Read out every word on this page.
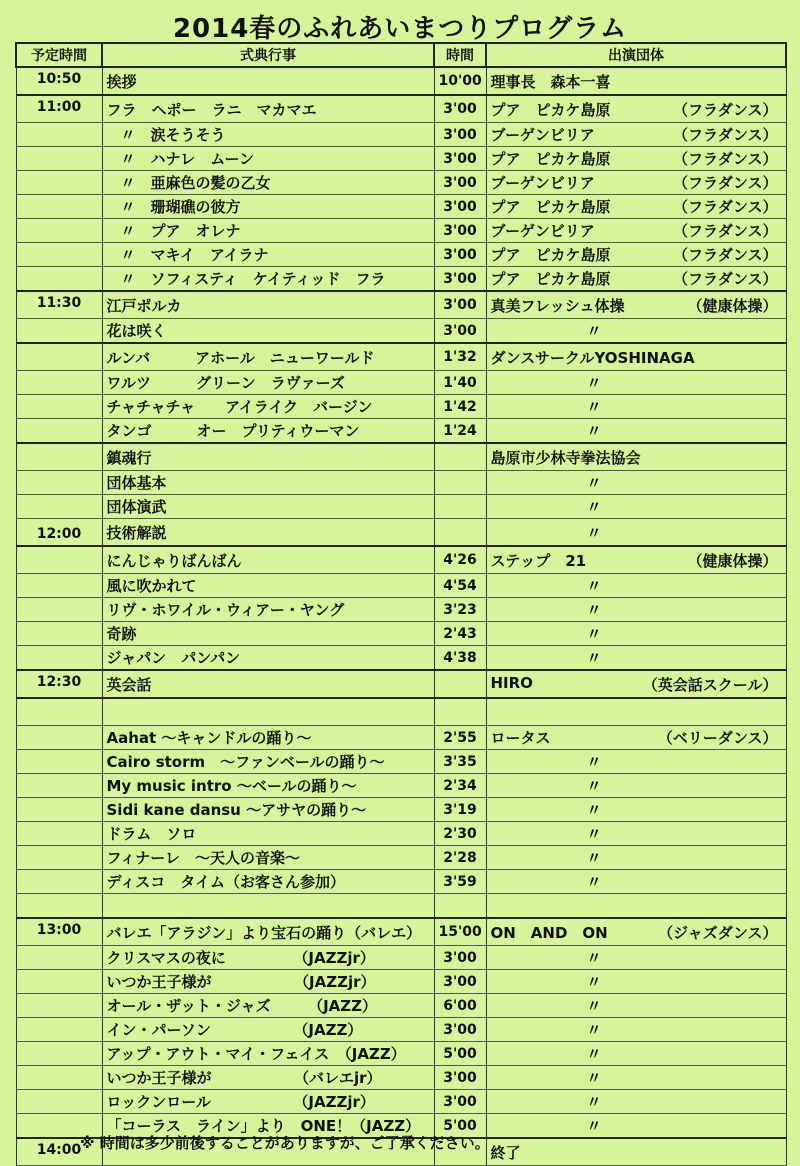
2014春のふれあいまつりプログラム
予定時間	式典行事	時間	出演団体
10:50	挨拶	10'00	理事長　森本一喜

11:00	フラ　ヘポー　ラニ　マカマエ	3'00	プア　ピカケ島原 （フラダンス）

	〃　涙そうそう	3'00	ブーゲンビリア （フラダンス）

	〃　ハナレ　ムーン	3'00	プア　ピカケ島原 （フラダンス）

	〃　亜麻色の髪の乙女	3'00	ブーゲンビリア （フラダンス）

	〃　珊瑚礁の彼方	3'00	プア　ピカケ島原 （フラダンス）

	〃　プア　オレナ	3'00	ブーゲンビリア （フラダンス）

	〃　マキイ　アイラナ	3'00	プア　ピカケ島原 （フラダンス）

	〃　ソフィスティ　ケイティッド　フラ	3'00	プア　ピカケ島原 （フラダンス）

11:30	江戸ポルカ	3'00	真美フレッシュ体操 （健康体操）

	花は咲く	3'00	〃

	ルンバ　　　アホール　ニューワールド	1'32	ダンスサークルYOSHINAGA

	ワルツ　　　グリーン　ラヴァーズ	1'40	〃

	チャチャチャ　　アイライク　バージン	1'42	〃

	タンゴ　　　オー　プリティウーマン	1'24	〃

	鎮魂行		島原市少林寺拳法協会

	団体基本		〃

	団体演武		〃

12:00	技術解説		〃

	にんじゃりばんばん	4'26	ステップ　21 （健康体操）

	風に吹かれて	4'54	〃

	リヴ・ホワイル・ウィアー・ヤング	3'23	〃

	奇跡	2'43	〃

	ジャパン　パンパン	4'38	〃

12:30	英会話		HIRO （英会話スクール）

	Aahat ～キャンドルの踊り～	2'55	ロータス （ベリーダンス）

	Cairo storm　～ファンベールの踊り～	3'35	〃

	My music intro ～ベールの踊り～	2'34	〃

	Sidi kane dansu ～アサヤの踊り～	3'19	〃

	ドラム　ソロ	2'30	〃

	フィナーレ　～天人の音楽～	2'28	〃

	ディスコ　タイム（お客さん参加）	3'59	〃

13:00	バレエ「アラジン」より宝石の踊り（バレエ）	15'00	ON　AND　ON （ジャズダンス）

	クリスマスの夜に　　　　　（JAZZjr）	3'00	〃

	いつか王子様が　　　　　　（JAZZjr）	3'00	〃

	オール・ザット・ジャズ　　　（JAZZ）	6'00	〃

	イン・パーソン　　　　　　（JAZZ）	3'00	〃

	アップ・アウト・マイ・フェイス　（JAZZ）	5'00	〃

	いつか王子様が　　　　　　（バレエjr）	3'00	〃

	ロックンロール　　　　　　（JAZZjr）	3'00	〃

	「コーラス　ライン」より　ONE！（JAZZ）	5'00	〃

14:00			終了
※ 時間は多少前後することがありますが、ご了承ください。
